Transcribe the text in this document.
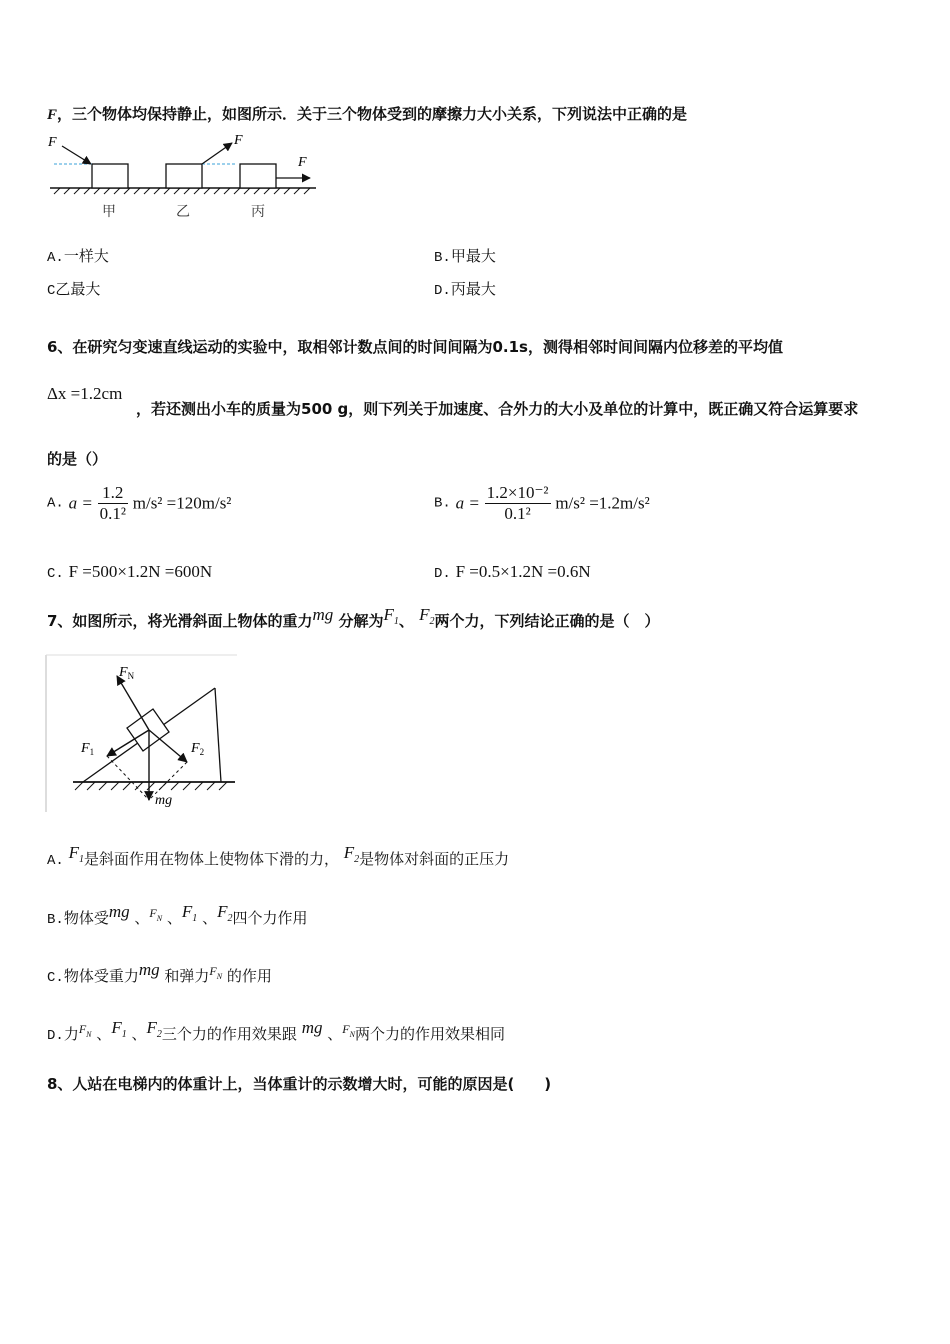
F，三个物体均保持静止，如图所示．关于三个物体受到的摩擦力大小关系，下列说法中正确的是
F	F
F
甲	乙	丙
A.一样大	B.甲最大
C乙最大	D.丙最大
6、在研究匀变速直线运动的实验中，取相邻计数点间的时间间隔为0.1s，测得相邻时间间隔内位移差的平均值
Δx =1.2cm
，若还测出小车的质量为500 g，则下列关于加速度、合外力的大小及单位的计算中，既正确又符合运算要求
的是（）
A. $a = \frac{1.2}{\text{0.1²}} m/s^2 =120m/s^2$	B. $a = \frac{\text{1.2×10⁻²}}{\text{0.1²}} m/s^2 =1.2m/s^2$
C. F =500×1.2N =600N	D. F =0.5×1.2N =0.6N
7、如图所示，将光滑斜面上物体的重力mg 分解为$F_1$、 $F_2$两个力，下列结论正确的是（　）
$F_N$
$F_1$	$F_2$
mg
A. $F_1$是斜面作用在物体上使物体下滑的力， $F_2$是物体对斜面的正压力
B.物体受mg 、$F_N$ 、$F_1$ 、$F_2$四个力作用
C.物体受重力mg 和弹力$F_N$ 的作用
D.力$F_N$ 、$F_1$ 、$F_2$三个力的作用效果跟 mg 、$F_N$两个力的作用效果相同
8、人站在电梯内的体重计上，当体重计的示数增大时，可能的原因是(　　)
